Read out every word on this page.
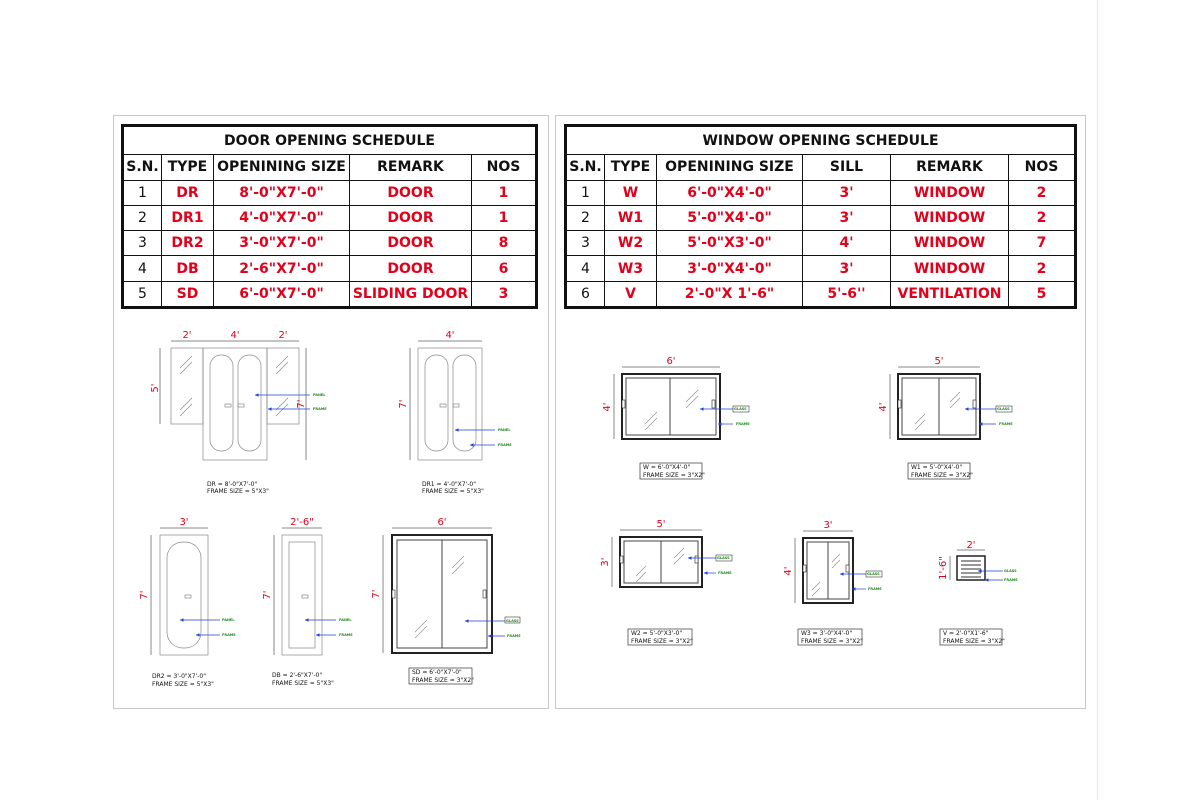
DOOR OPENING SCHEDULE				
S.N.	TYPE	OPENINING SIZE	REMARK	NOS
1	DR	8'-0"X7'-0"	DOOR	1
2	DR1	4'-0"X7'-0"	DOOR	1
3	DR2	3'-0"X7'-0"	DOOR	8
4	DB	2'-6"X7'-0"	DOOR	6
5	SD	6'-0"X7'-0"	SLIDING DOOR	3
WINDOW OPENING SCHEDULE					
S.N.	TYPE	OPENINING SIZE	SILL	REMARK	NOS
1	W	6'-0"X4'-0"	3'	WINDOW	2
2	W1	5'-0"X4'-0"	3'	WINDOW	2
3	W2	5'-0"X3'-0"	4'	WINDOW	7
4	W3	3'-0"X4'-0"	3'	WINDOW	2
6	V	2'-0"X 1'-6"	5'-6''	VENTILATION	5
2'	4'	2'
5'
7'
PANEL
FRAME
DR = 8'-0"X7'-0"
FRAME SIZE = 5"X3"
4'
7'
PANEL
FRAME
DR1 = 4'-0"X7'-0"
FRAME SIZE = 5"X3"
3'
7'
PANEL
FRAME
DR2 = 3'-0"X7'-0"
FRAME SIZE = 5"X3"
2'-6"
7'
PANEL
FRAME
DB = 2'-6"X7'-0"
FRAME SIZE = 5"X3"
6'
7'
GLASS
FRAME
SD = 6'-0"X7'-0"
FRAME SIZE = 3"X2"
6'
4'	GLASS
FRAME
W = 6'-0"X4'-0"
FRAME SIZE = 3"X2"
5'
4'	GLASS
FRAME
W1 = 5'-0"X4'-0"
FRAME SIZE = 3"X2"
5'
3'	GLASS
FRAME
W2 = 5'-0"X3'-0"
FRAME SIZE = 3"X2"
3'
4'	GLASS
FRAME
W3 = 3'-0"X4'-0"
FRAME SIZE = 3"X2"
2'
1'-6"	GLASS
FRAME
V = 2'-0"X1'-6"
FRAME SIZE = 3"X2"
